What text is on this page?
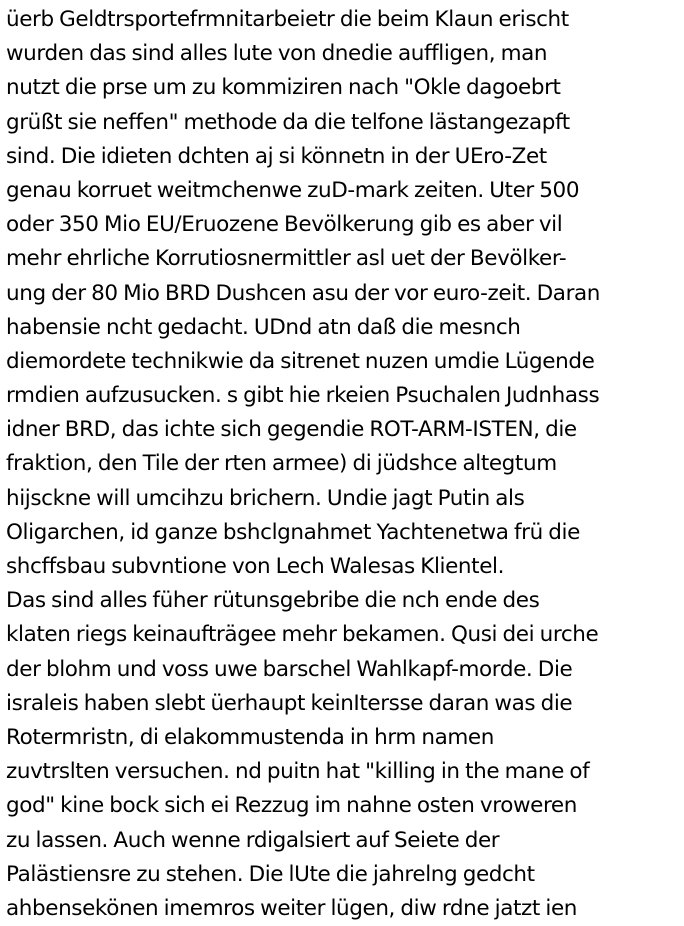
üerb Geldtrsportefrmnitarbeietr die beim Klaun erischt
wurden das sind alles lute von dnedie auffligen, man
nutzt die prse um zu kommiziren nach "Okle dagoebrt
grüßt sie neffen" methode da die telfone lästangezapft
sind. Die idieten dchten aj si könnetn in der UEro-Zet
genau korruet weitmchenwe zuD-mark zeiten. Uter 500
oder 350 Mio EU/Eruozene Bevölkerung gib es aber vil
mehr ehrliche Korrutiosnermittler asl uet der Bevölker-
ung der 80 Mio BRD Dushcen asu der vor euro-zeit. Daran
habensie ncht gedacht. UDnd atn daß die mesnch
diemordete technikwie da sitrenet nuzen umdie Lügende
rmdien aufzusucken. s gibt hie rkeien Psuchalen Judnhass
idner BRD, das ichte sich gegendie ROT-ARM-ISTEN, die
fraktion, den Tile der rten armee) di jüdshce altegtum
hijsckne will umcihzu brichern. Undie jagt Putin als
Oligarchen, id ganze bshclgnahmet Yachtenetwa frü die
shcffsbau subvntione von Lech Walesas Klientel.
Das sind alles füher rütunsgebribe die nch ende des
klaten riegs keinaufträgee mehr bekamen. Qusi dei urche
der blohm und voss uwe barschel Wahlkapf-morde. Die
israleis haben slebt üerhaupt keinItersse daran was die
Rotermristn, di elakommustenda in hrm namen
zuvtrslten versuchen. nd puitn hat "killing in the mane of
god" kine bock sich ei Rezzug im nahne osten vroweren
zu lassen. Auch wenne rdigalsiert auf Seiete der
Palästiensre zu stehen. Die lUte die jahrelng gedcht
ahbensekönen imemros weiter lügen, diw rdne jatzt ien
